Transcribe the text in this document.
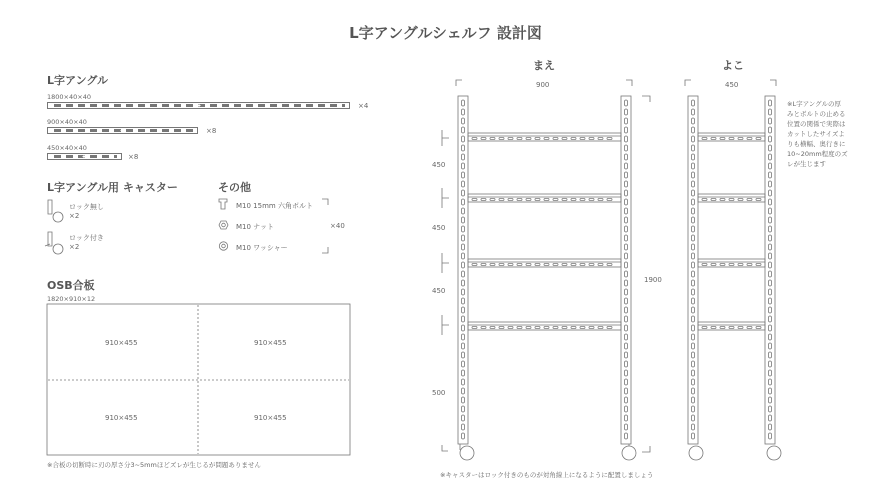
L字アングルシェルフ 設計図
L字アングル
1800×40×40
×4
900×40×40
×8
450×40×40
×8
L字アングル用 キャスター
ロック無し
×2
ロック付き
×2
その他
M10 15mm 六角ボルト
M10 ナット
M10 ワッシャー
×40
OSB合板
1820×910×12
910×455	910×455
910×455	910×455
※合板の切断時に刃の厚さ分3~5mmほどズレが生じるが問題ありません
まえ
900
1900
450
450
450
500
※キャスターはロック付きのものが対角線上になるように配置しましょう
よこ
450
※L字アングルの厚
みとボルトの止める
位置の関係で実際は
カットしたサイズよ
りも横幅、奥行きに
10~20mm程度のズ
レが生じます
